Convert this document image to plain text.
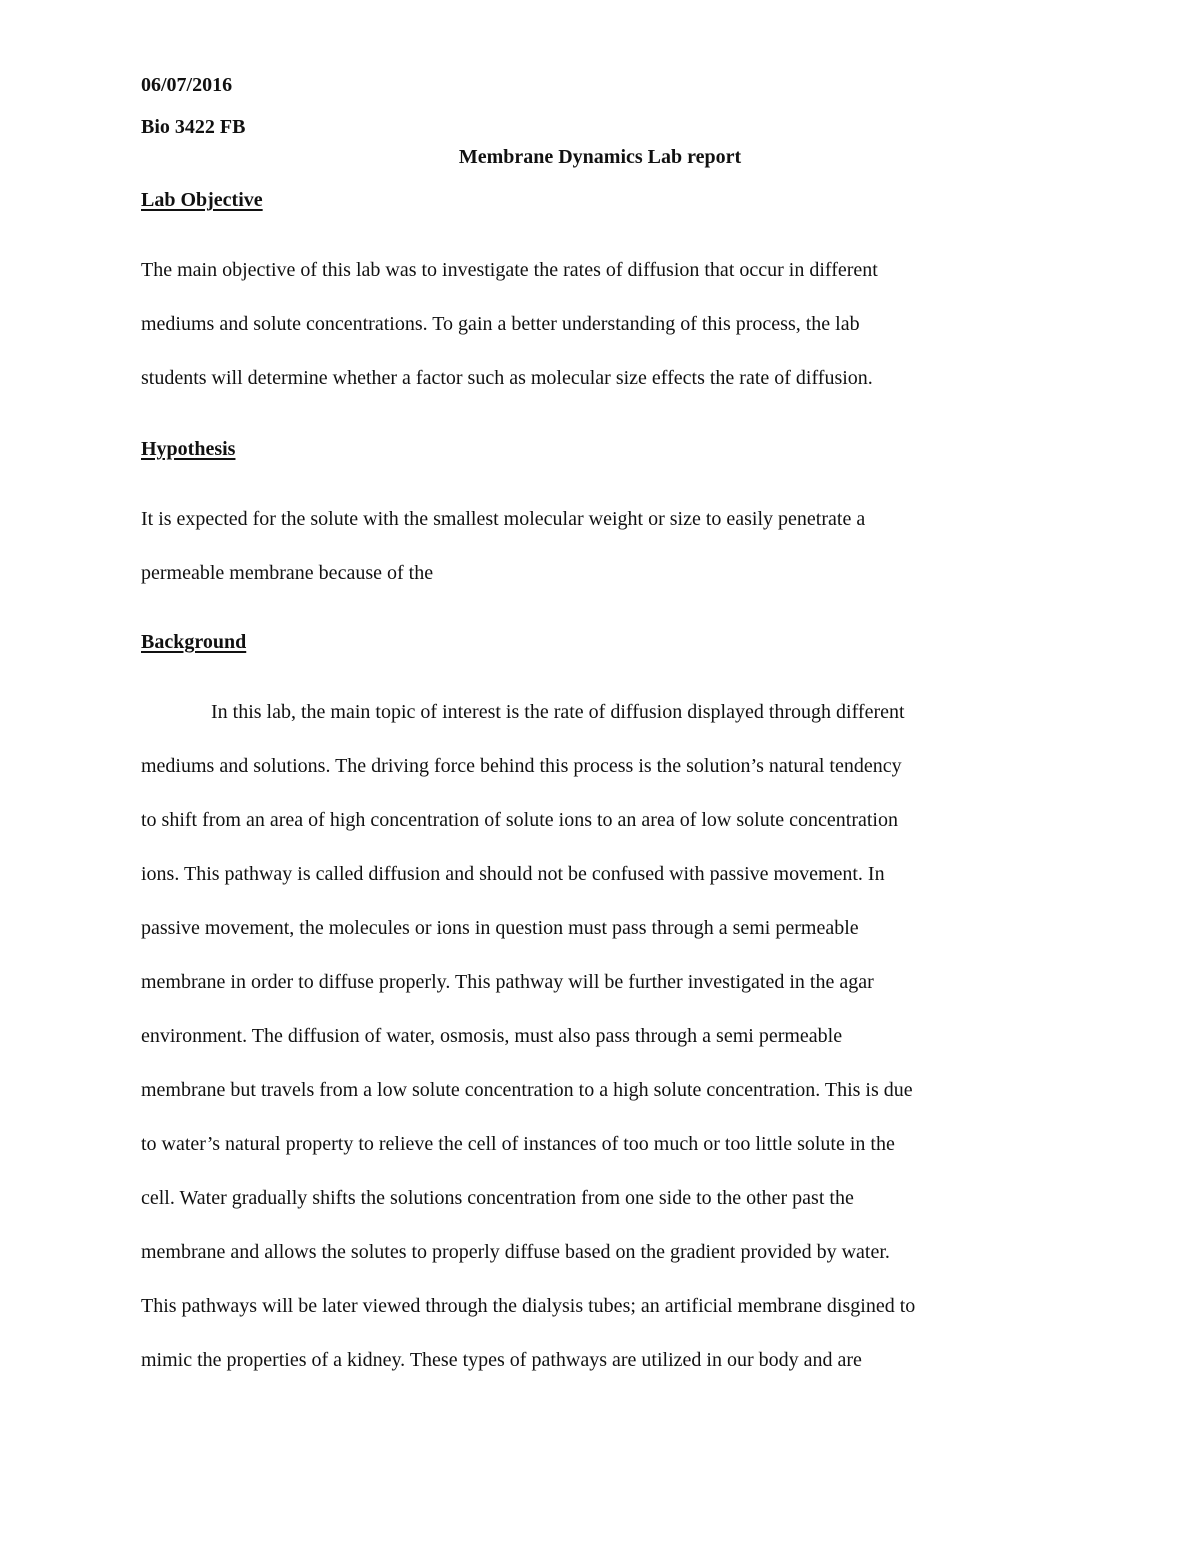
06/07/2016
Bio 3422 FB
Membrane Dynamics Lab report
Lab Objective
The main objective of this lab was to investigate the rates of diffusion that occur in different
mediums and solute concentrations. To gain a better understanding of this process, the lab
students will determine whether a factor such as molecular size effects the rate of diffusion.
Hypothesis
It is expected for the solute with the smallest molecular weight or size to easily penetrate a
permeable membrane because of the
Background
In this lab, the main topic of interest is the rate of diffusion displayed through different
mediums and solutions. The driving force behind this process is the solution’s natural tendency
to shift from an area of high concentration of solute ions to an area of low solute concentration
ions. This pathway is called diffusion and should not be confused with passive movement. In
passive movement, the molecules or ions in question must pass through a semi permeable
membrane in order to diffuse properly. This pathway will be further investigated in the agar
environment. The diffusion of water, osmosis, must also pass through a semi permeable
membrane but travels from a low solute concentration to a high solute concentration. This is due
to water’s natural property to relieve the cell of instances of too much or too little solute in the
cell. Water gradually shifts the solutions concentration from one side to the other past the
membrane and allows the solutes to properly diffuse based on the gradient provided by water.
This pathways will be later viewed through the dialysis tubes; an artificial membrane disgined to
mimic the properties of a kidney. These types of pathways are utilized in our body and are
